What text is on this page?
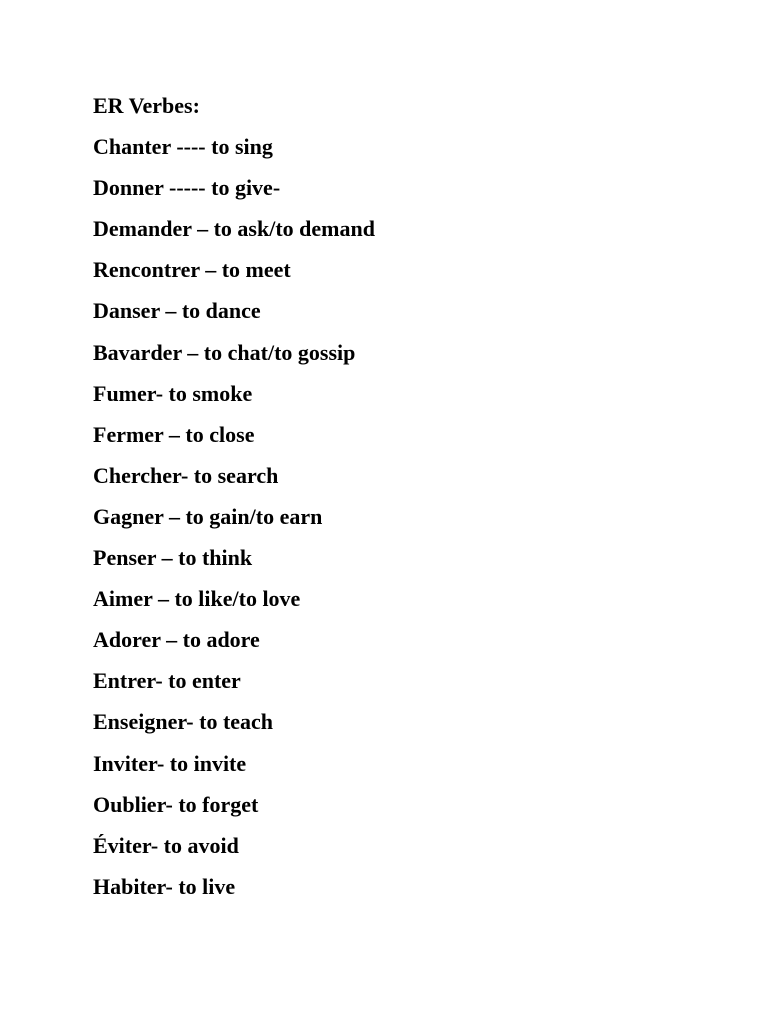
ER Verbes:
Chanter ---- to sing
Donner ----- to give-
Demander – to ask/to demand
Rencontrer – to meet
Danser – to dance
Bavarder – to chat/to gossip
Fumer- to smoke
Fermer – to close
Chercher- to search
Gagner – to gain/to earn
Penser – to think
Aimer – to like/to love
Adorer – to adore
Entrer- to enter
Enseigner- to teach
Inviter- to invite
Oublier- to forget
Éviter- to avoid
Habiter- to live
